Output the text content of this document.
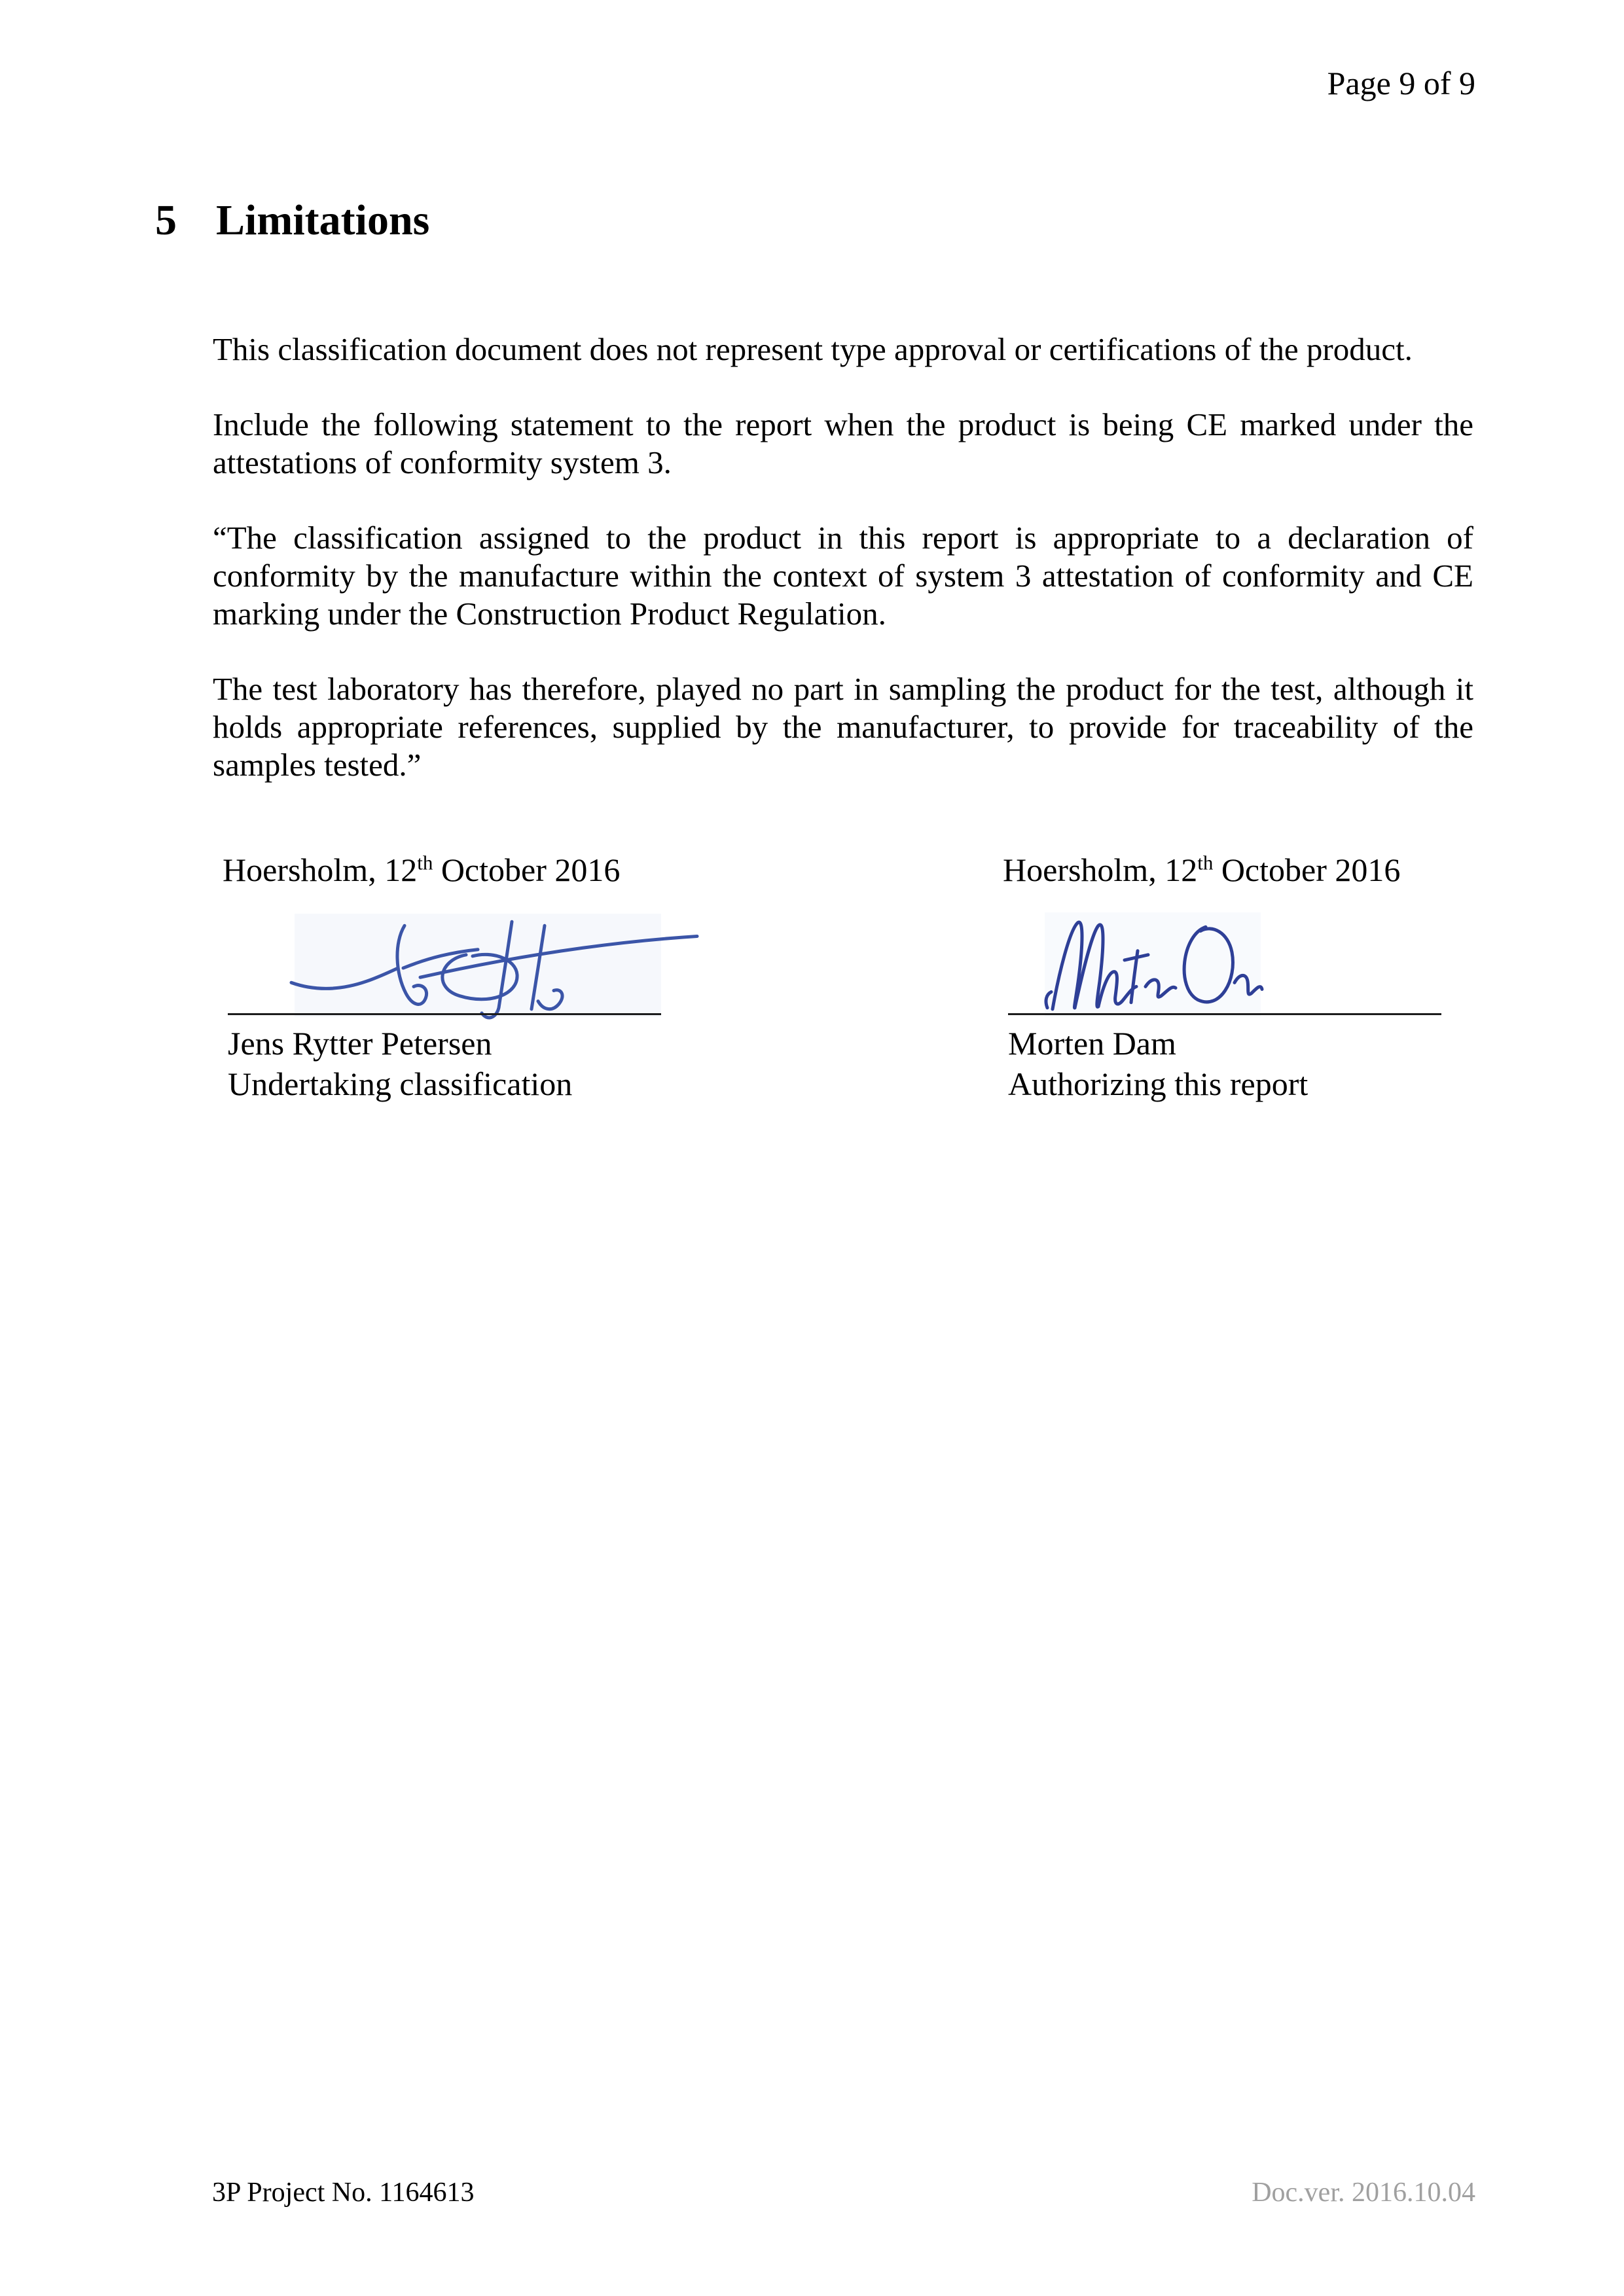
Page 9 of 9
5 Limitations

This classification document does not represent type approval or certifications of the product.

Include the following statement to the report when the product is being CE marked under the attestations of conformity system 3.

“The classification assigned to the product in this report is appropriate to a declaration of conformity by the manufacture within the context of system 3 attestation of conformity and CE marking under the Construction Product Regulation.

The test laboratory has therefore, played no part in sampling the product for the test, although it holds appropriate references, supplied by the manufacturer, to provide for traceability of the samples tested.”

Hoersholm, 12th October 2016
Jens Rytter Petersen
Undertaking classification
Hoersholm, 12th October 2016
Morten Dam
Authorizing this report
3P Project No. 1164613	Doc.ver. 2016.10.04
